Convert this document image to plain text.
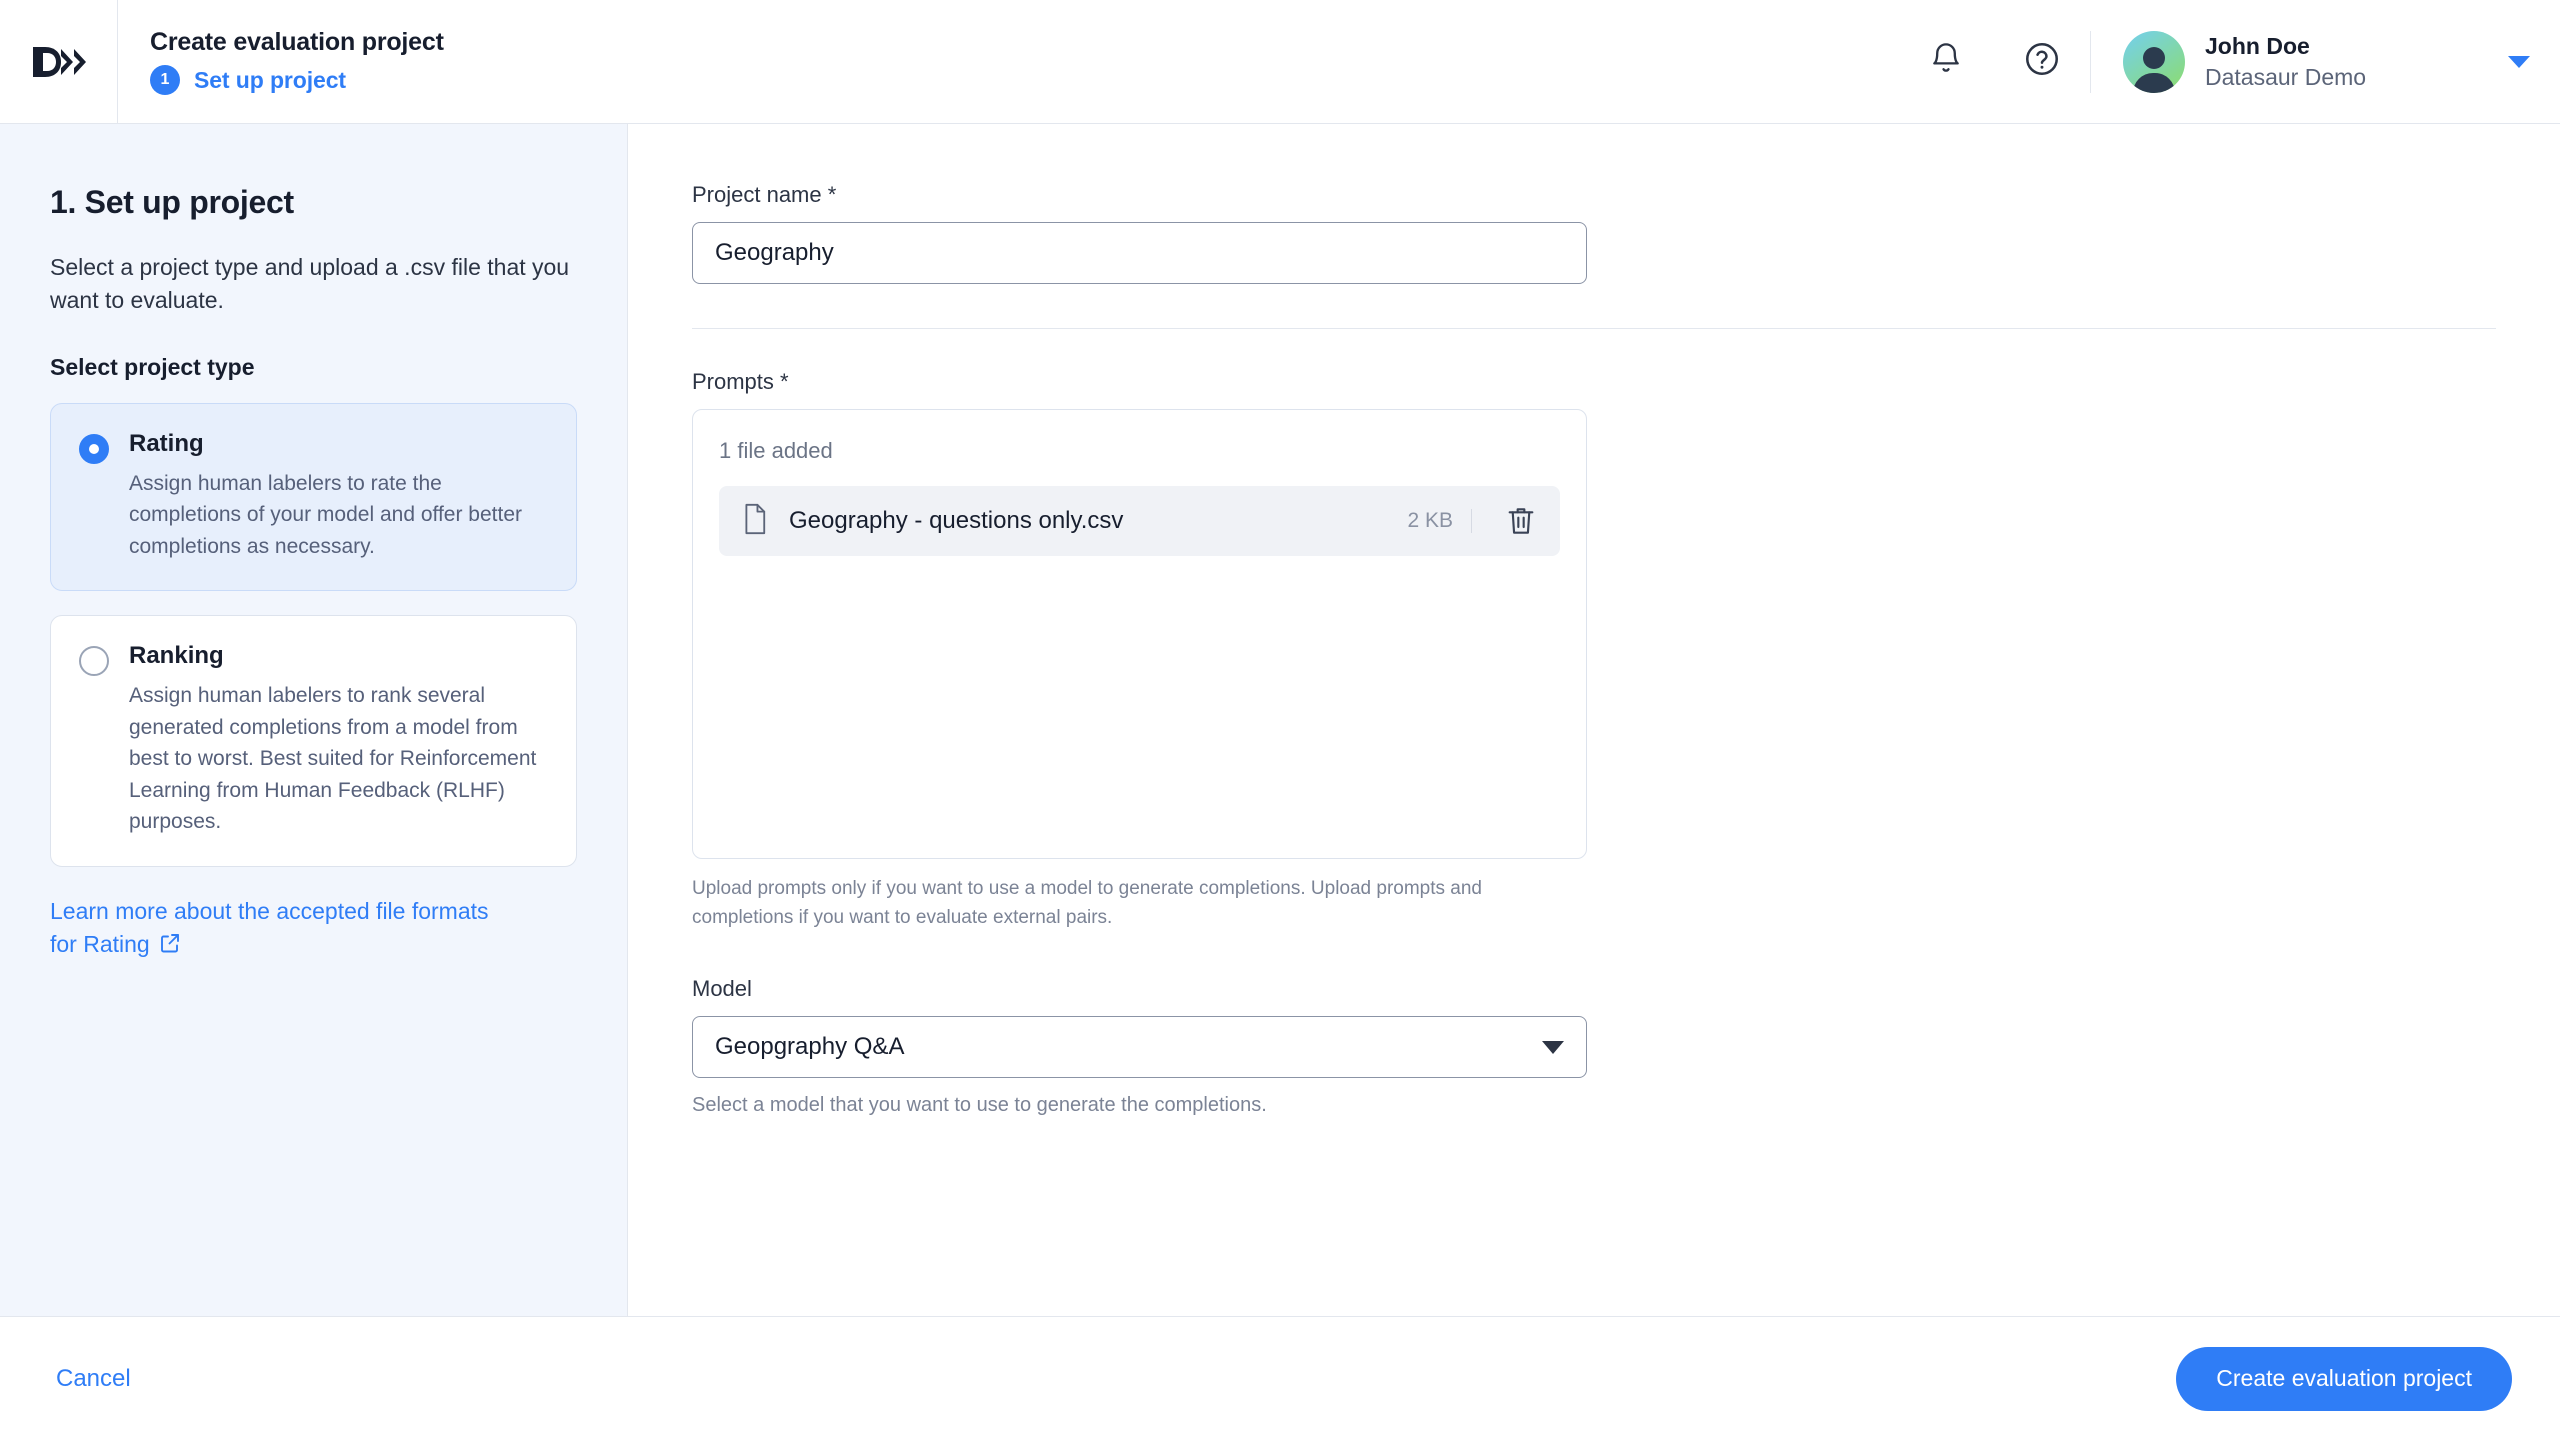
Create evaluation project
1	Set up project
John Doe
Datasaur Demo
1. Set up project
Select a project type and upload a .csv file that you want to evaluate.
Select project type
Rating
Assign human labelers to rate the completions of your model and offer better completions as necessary.
Ranking
Assign human labelers to rank several generated completions from a model from best to worst. Best suited for Reinforcement Learning from Human Feedback (RLHF) purposes.
Learn more about the accepted file formats for Rating
Project name *
Geography
Prompts *
1 file added
Geography - questions only.csv	2 KB
Upload prompts only if you want to use a model to generate completions. Upload prompts and completions if you want to evaluate external pairs.
Model
Geopgraphy Q&A
Select a model that you want to use to generate the completions.
Cancel	Create evaluation project
